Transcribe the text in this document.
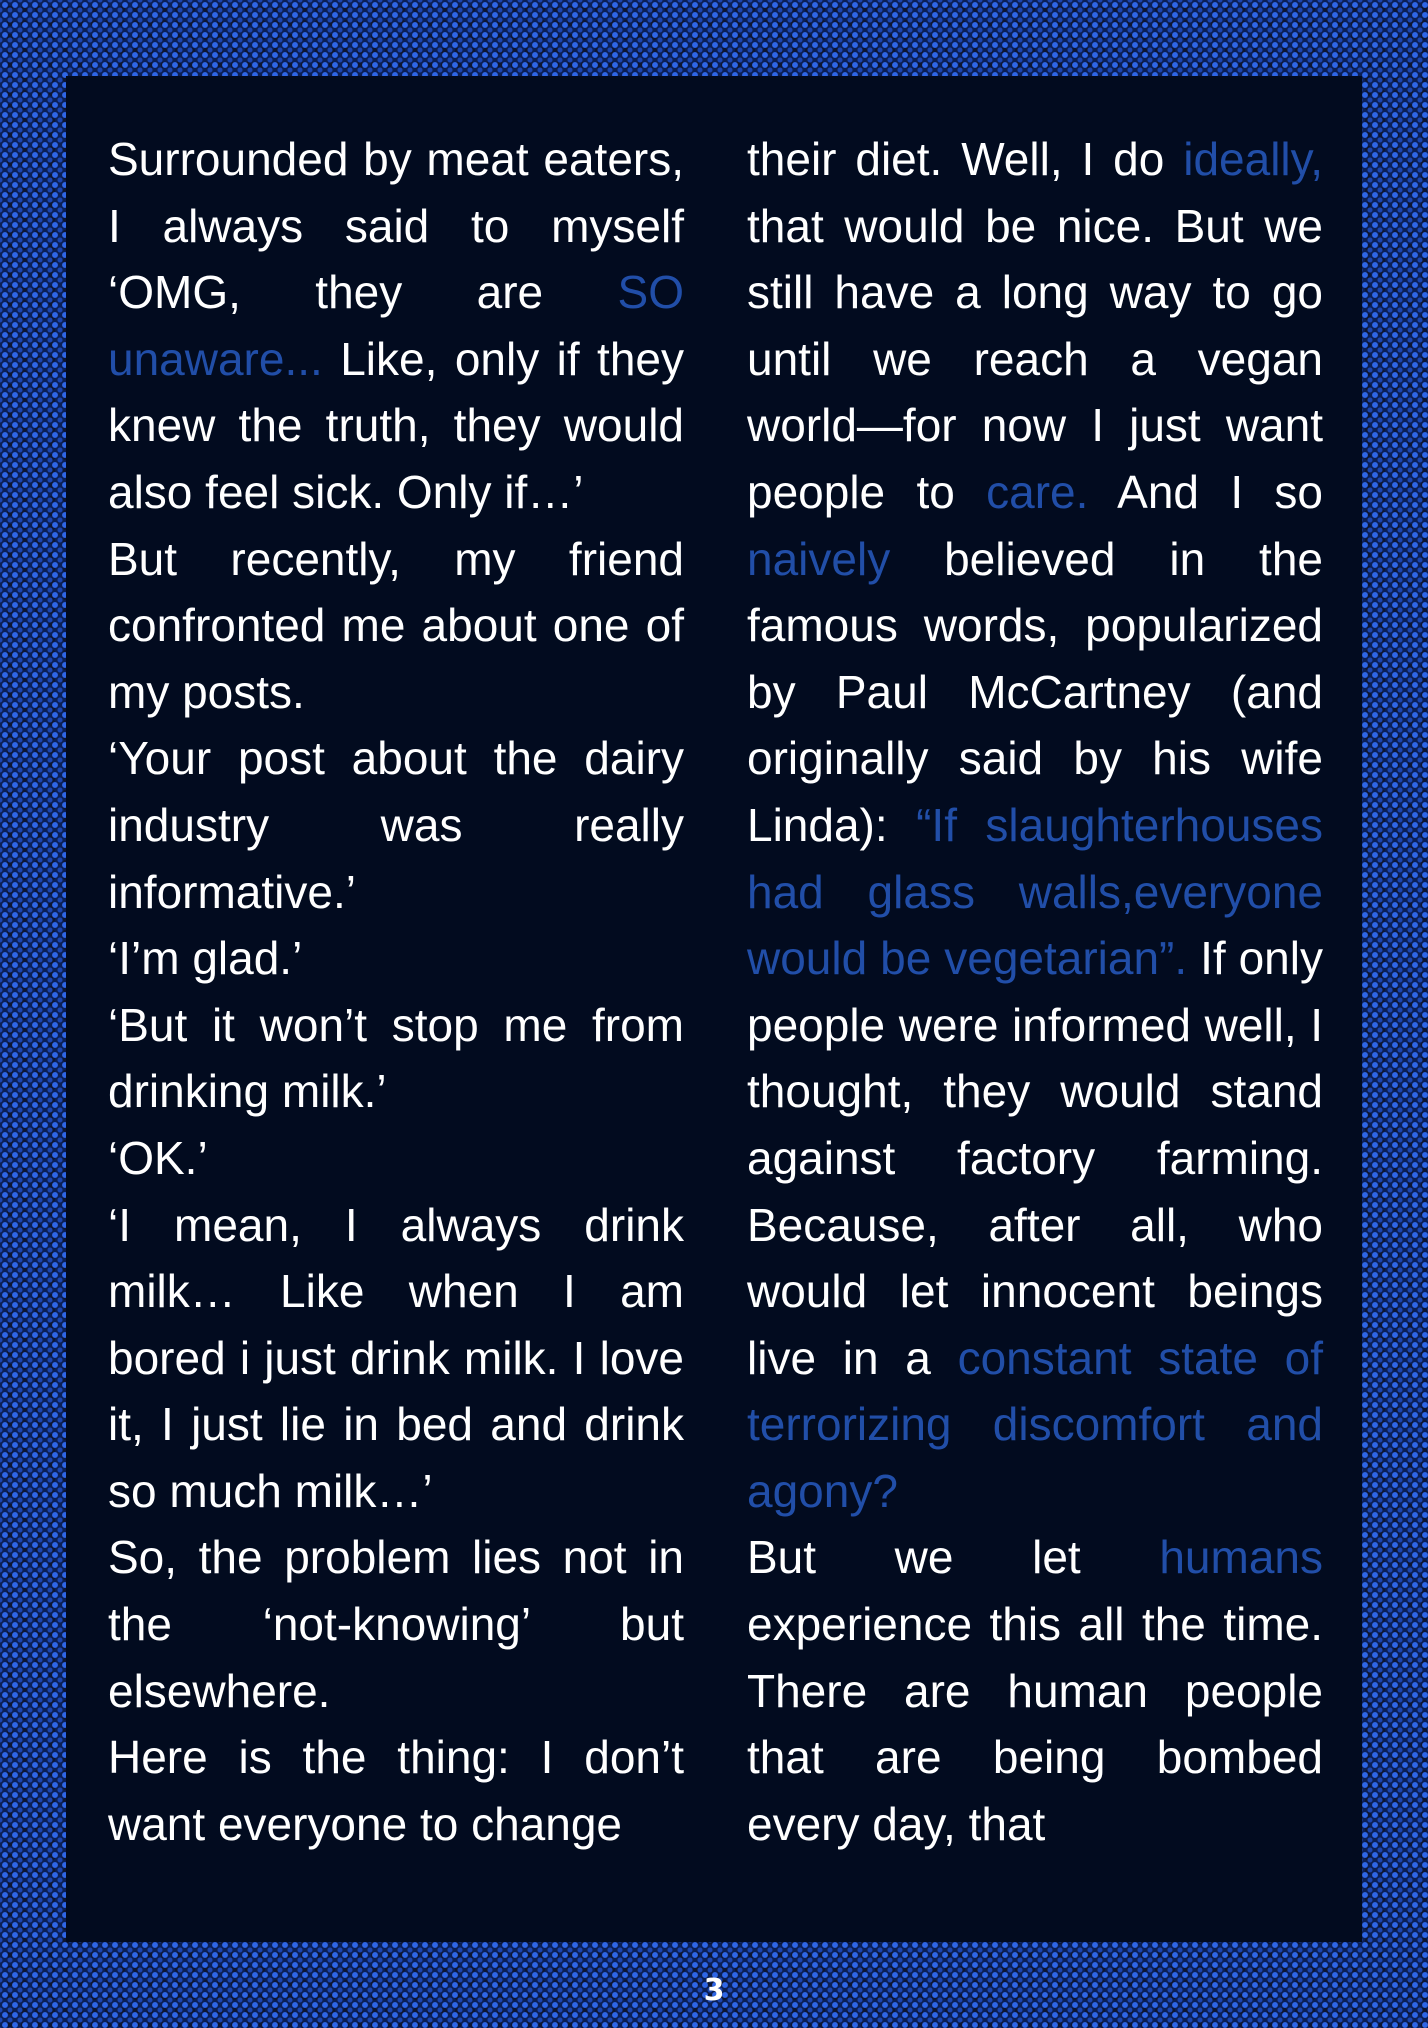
Surrounded by meat eaters, I always said to myself ‘OMG, they are SO unaware... Like, only if they knew the truth, they would also feel sick. Only if…’

But recently, my friend confronted me about one of my posts.

‘Your post about the dairy industry was really informative.’

‘I’m glad.’

‘But it won’t stop me from drinking milk.’

‘OK.’

‘I mean, I always drink milk… Like when I am bored i just drink milk. I love it, I just lie in bed and drink so much milk…’

So, the problem lies not in the ‘not-knowing’ but elsewhere.

Here is the thing: I don’t want everyone to change

their diet. Well, I do ideally, that would be nice. But we still have a long way to go until we reach a vegan world—for now I just want people to care. And I so naively believed in the famous words, popularized by Paul McCartney (and originally said by his wife Linda): “If slaughterhouses had glass walls,everyone would be vegetarian”. If only people were informed well, I thought, they would stand against factory farming. Because, after all, who would let innocent beings live in a constant state of terrorizing discomfort and agony?

But we let humans experience this all the time. There are human people that are being bombed every day, that

3
